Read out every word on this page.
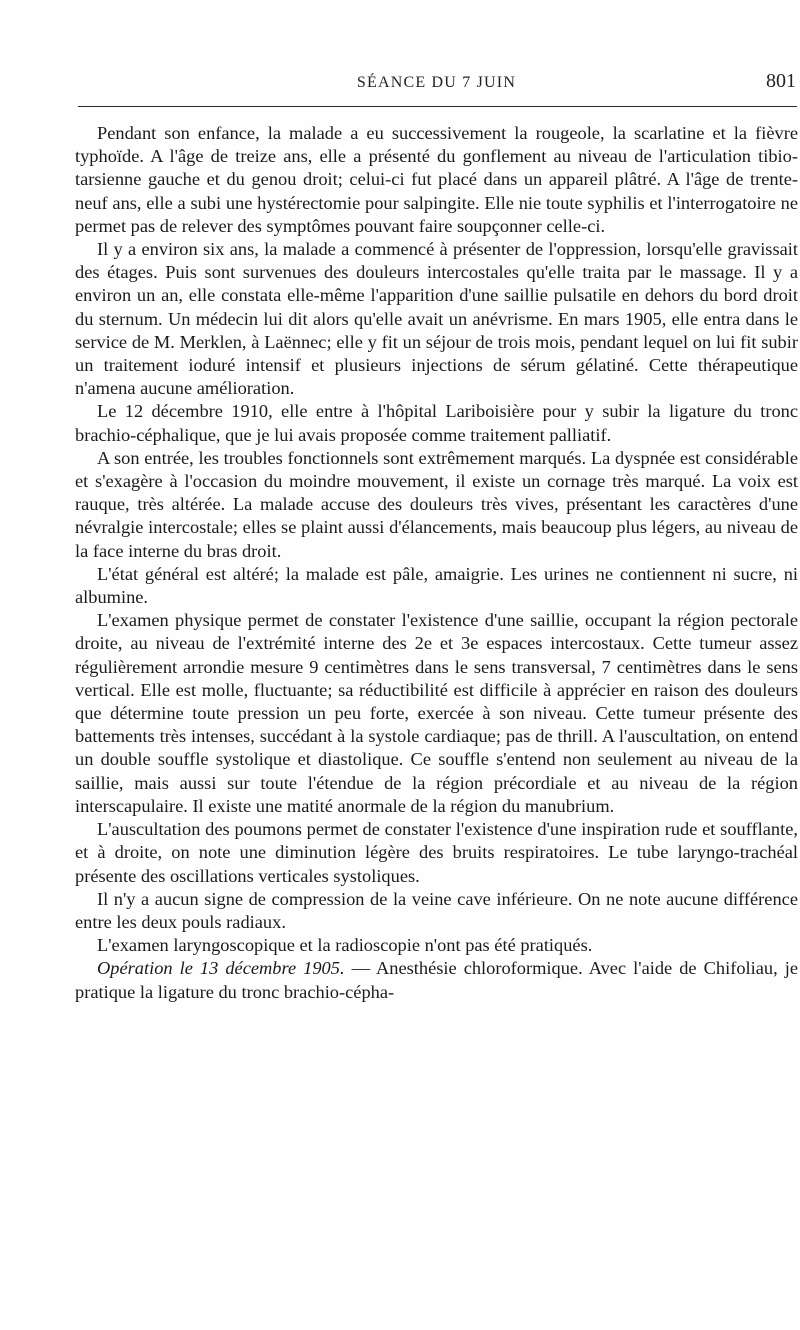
SÉANCE DU 7 JUIN	801

Pendant son enfance, la malade a eu successivement la rougeole, la scarlatine et la fièvre typhoïde. A l'âge de treize ans, elle a présenté du gonflement au niveau de l'articulation tibio-tarsienne gauche et du genou droit; celui-ci fut placé dans un appareil plâtré. A l'âge de trente-neuf ans, elle a subi une hystérectomie pour salpingite. Elle nie toute syphilis et l'interrogatoire ne permet pas de relever des symptômes pouvant faire soupçonner celle-ci.

Il y a environ six ans, la malade a commencé à présenter de l'oppression, lorsqu'elle gravissait des étages. Puis sont survenues des douleurs intercostales qu'elle traita par le massage. Il y a environ un an, elle constata elle-même l'apparition d'une saillie pulsatile en dehors du bord droit du sternum. Un médecin lui dit alors qu'elle avait un anévrisme. En mars 1905, elle entra dans le service de M. Merklen, à Laënnec; elle y fit un séjour de trois mois, pendant lequel on lui fit subir un traitement ioduré intensif et plusieurs injections de sérum gélatiné. Cette thérapeutique n'amena aucune amélioration.

Le 12 décembre 1910, elle entre à l'hôpital Lariboisière pour y subir la ligature du tronc brachio-céphalique, que je lui avais proposée comme traitement palliatif.

A son entrée, les troubles fonctionnels sont extrêmement marqués. La dyspnée est considérable et s'exagère à l'occasion du moindre mouvement, il existe un cornage très marqué. La voix est rauque, très altérée. La malade accuse des douleurs très vives, présentant les caractères d'une névralgie intercostale; elles se plaint aussi d'élancements, mais beaucoup plus légers, au niveau de la face interne du bras droit.

L'état général est altéré; la malade est pâle, amaigrie. Les urines ne contiennent ni sucre, ni albumine.

L'examen physique permet de constater l'existence d'une saillie, occupant la région pectorale droite, au niveau de l'extrémité interne des 2e et 3e espaces intercostaux. Cette tumeur assez régulièrement arrondie mesure 9 centimètres dans le sens transversal, 7 centimètres dans le sens vertical. Elle est molle, fluctuante; sa réductibilité est difficile à apprécier en raison des douleurs que détermine toute pression un peu forte, exercée à son niveau. Cette tumeur présente des battements très intenses, succédant à la systole cardiaque; pas de thrill. A l'auscultation, on entend un double souffle systolique et diastolique. Ce souffle s'entend non seulement au niveau de la saillie, mais aussi sur toute l'étendue de la région précordiale et au niveau de la région interscapulaire. Il existe une matité anormale de la région du manubrium.

L'auscultation des poumons permet de constater l'existence d'une inspiration rude et soufflante, et à droite, on note une diminution légère des bruits respiratoires. Le tube laryngo-trachéal présente des oscillations verticales systoliques.

Il n'y a aucun signe de compression de la veine cave inférieure. On ne note aucune différence entre les deux pouls radiaux.

L'examen laryngoscopique et la radioscopie n'ont pas été pratiqués.

Opération le 13 décembre 1905. — Anesthésie chloroformique. Avec l'aide de Chifoliau, je pratique la ligature du tronc brachio-cépha-
